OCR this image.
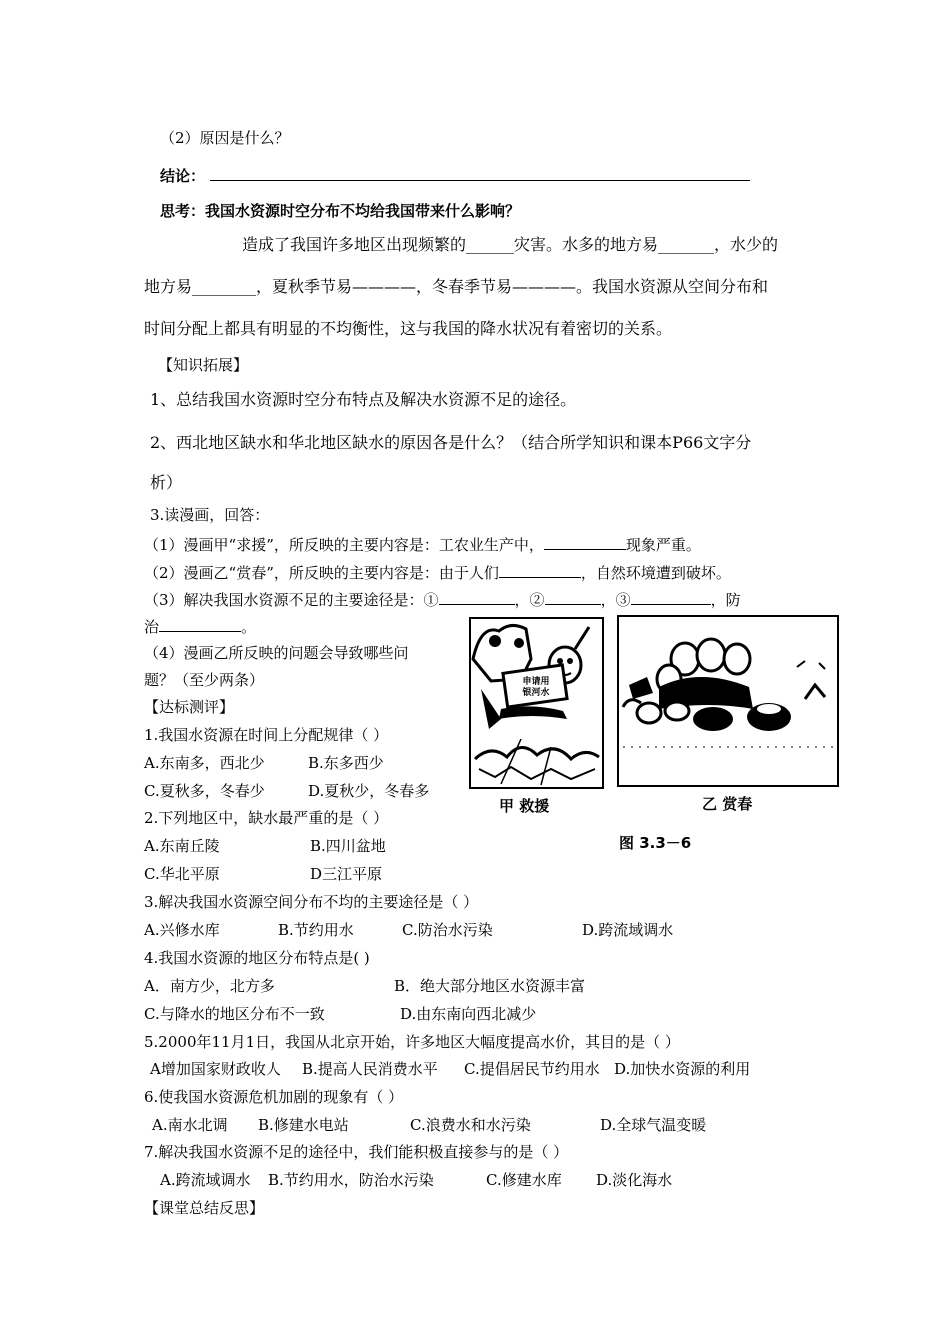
（2）原因是什么？
结论：
思考：我国水资源时空分布不均给我国带来什么影响？
造成了我国许多地区出现频繁的______灾害。水多的地方易_______，水少的
地方易________，夏秋季节易————，冬春季节易————。我国水资源从空间分布和
时间分配上都具有明显的不均衡性，这与我国的降水状况有着密切的关系。
【知识拓展】
1、总结我国水资源时空分布特点及解决水资源不足的途径。
2、西北地区缺水和华北地区缺水的原因各是什么？（结合所学知识和课本P66文字分
析）
3.读漫画，回答：
（1）漫画甲“求援”，所反映的主要内容是：工农业生产中，	现象严重。
（2）漫画乙“赏春”，所反映的主要内容是：由于人们	，自然环境遭到破坏。
（3）解决我国水资源不足的主要途径是：①	，②	，③	，防
治	。
（4）漫画乙所反映的问题会导致哪些问
题？（至少两条）
【达标测评】
1.我国水资源在时间上分配规律（ ）
A.东南多，西北少	B.东多西少
C.夏秋多，冬春少	D.夏秋少，冬春多
2.下列地区中，缺水最严重的是（ ）
A.东南丘陵	B.四川盆地
C.华北平原	D三江平原
3.解决我国水资源空间分布不均的主要途径是（ ）
A.兴修水库	B.节约用水	C.防治水污染	D.跨流域调水
4.我国水资源的地区分布特点是( )
A．南方少，北方多	B．绝大部分地区水资源丰富
C.与降水的地区分布不一致	D.由东南向西北减少
5.2000年11月1日，我国从北京开始，许多地区大幅度提高水价，其目的是（ ）
A增加国家财政收人 B.提高人民消费水平 C.提倡居民节约用水 D.加快水资源的利用
6.使我国水资源危机加剧的现象有（ ）
A.南水北调 B.修建水电站	C.浪费水和水污染	D.全球气温变暖
7.解决我国水资源不足的途径中，我们能积极直接参与的是（ ）
A.跨流域调水 B.节约用水，防治水污染	C.修建水库 D.淡化海水
【课堂总结反思】
申请用
银河水
甲 救援	乙 赏春
图 3.3－6
